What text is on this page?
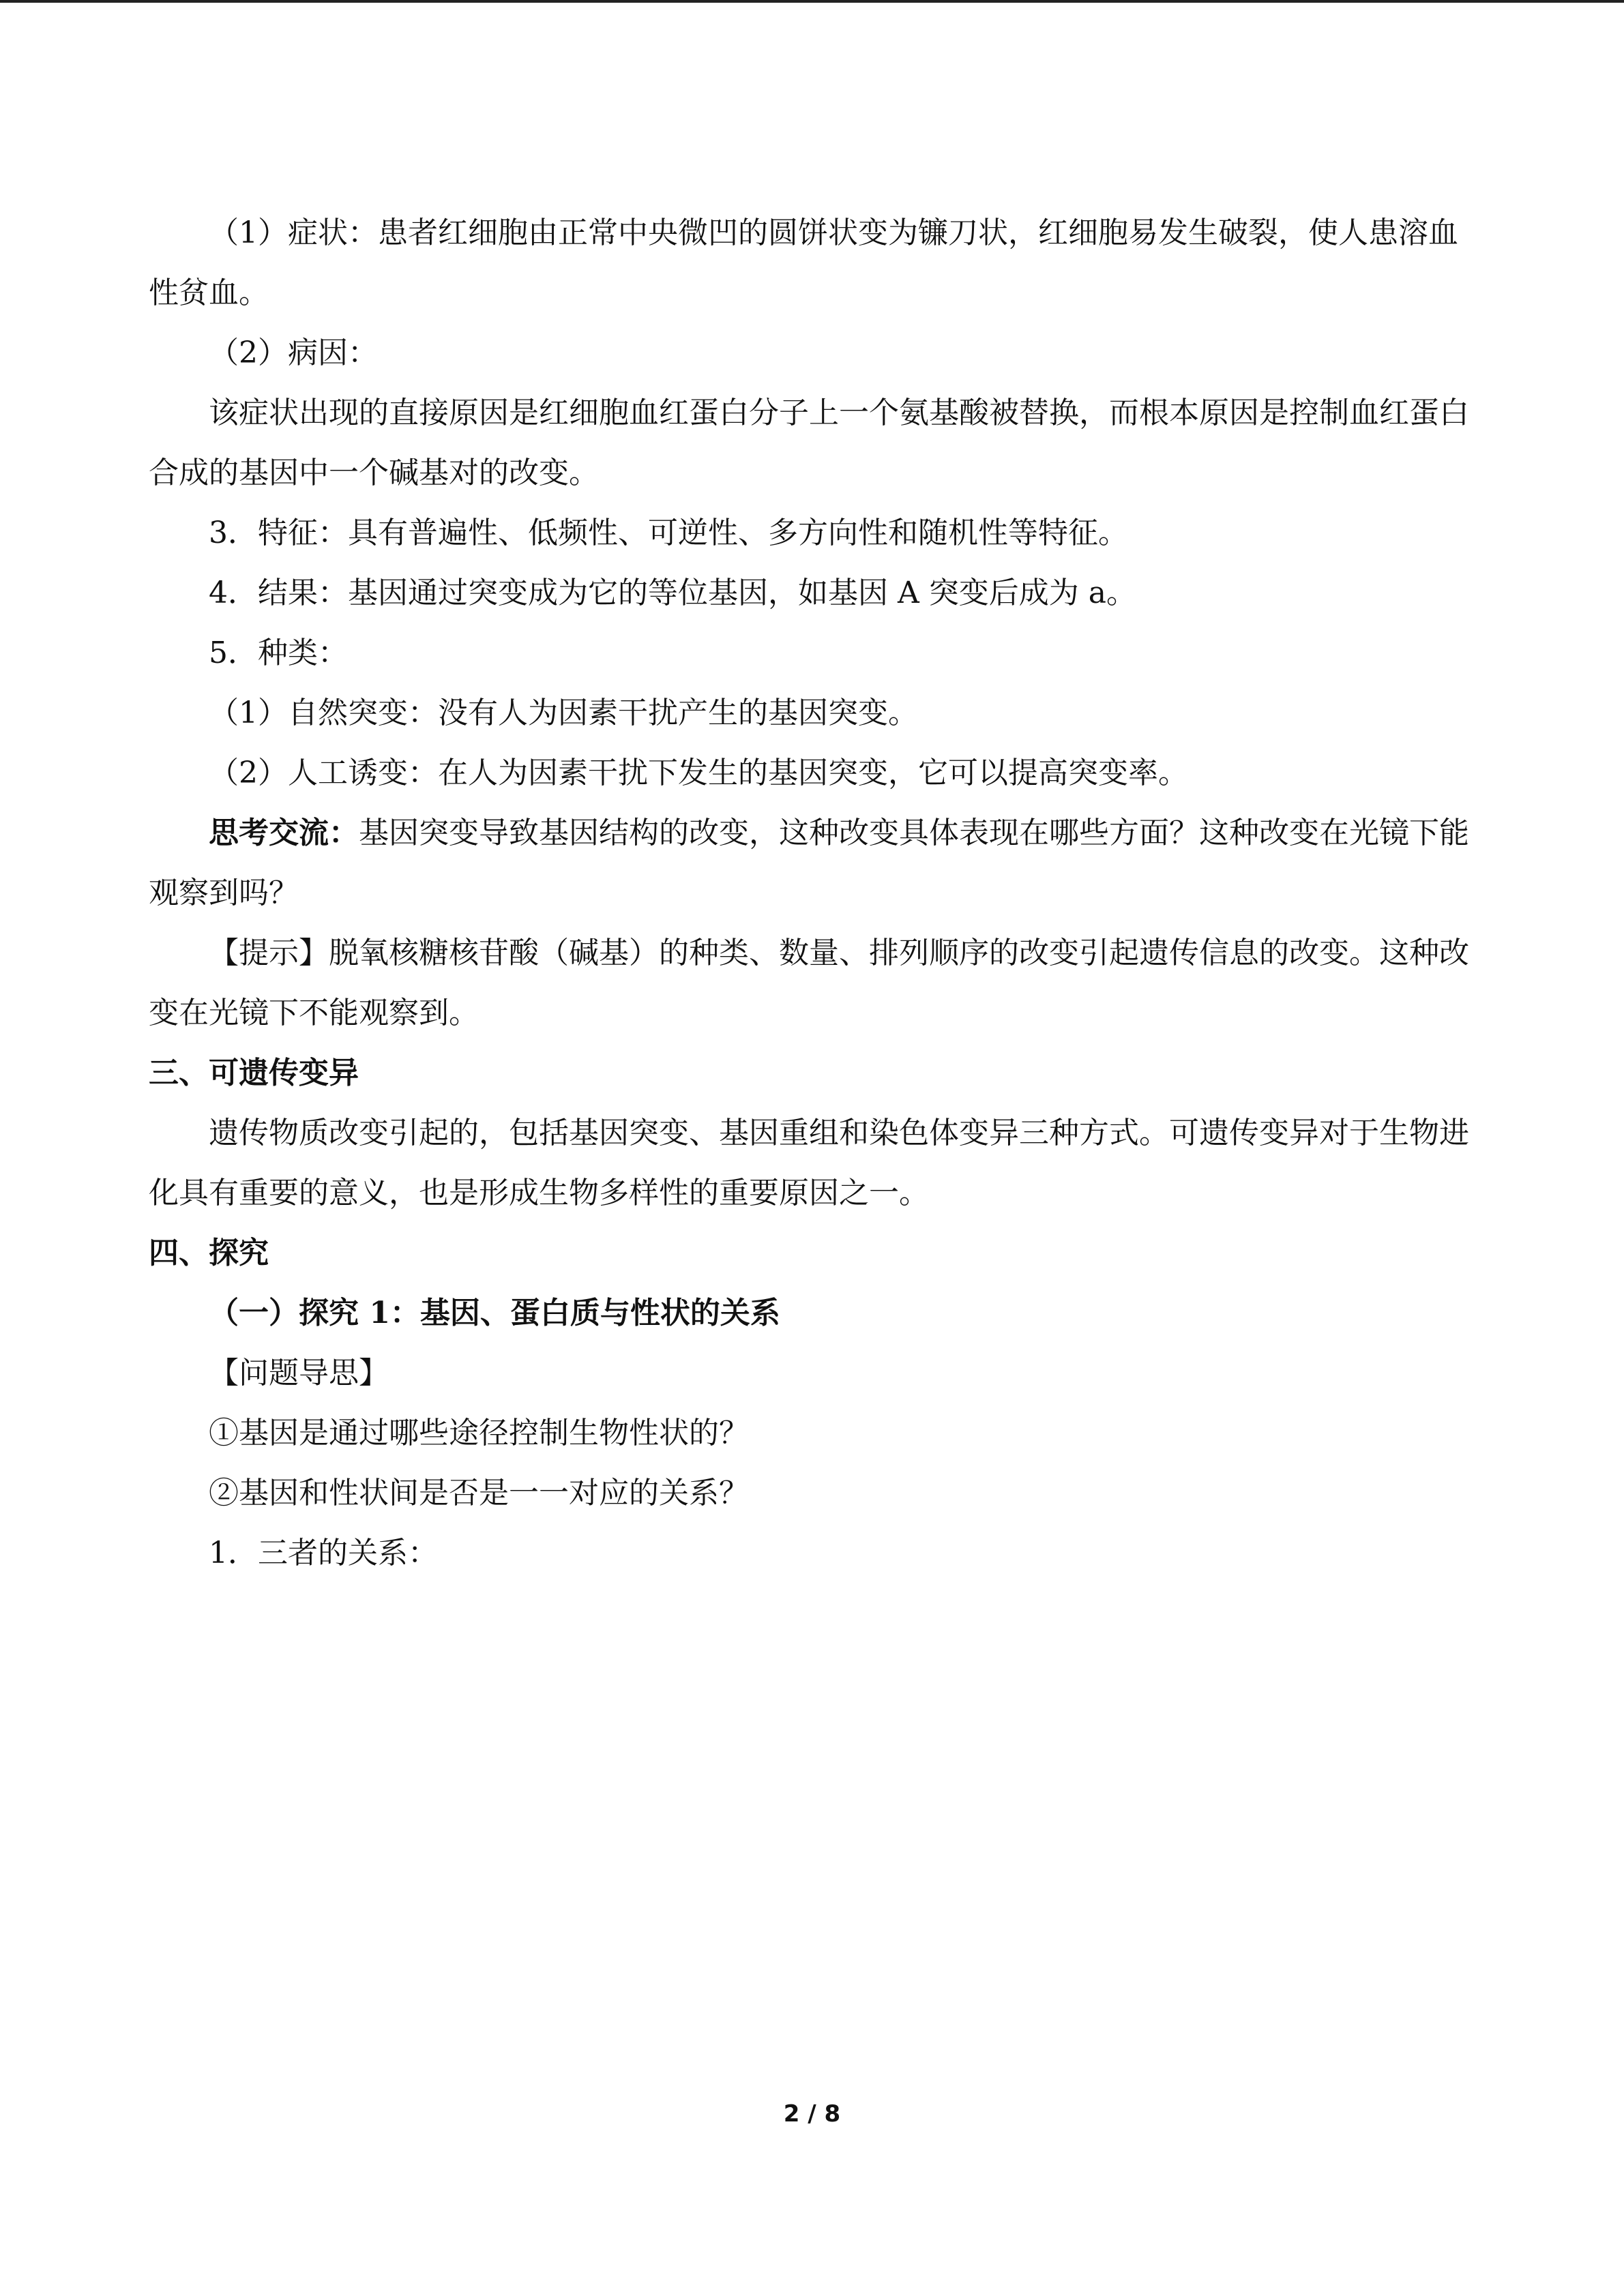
（1）症状：患者红细胞由正常中央微凹的圆饼状变为镰刀状，红细胞易发生破裂，使人患溶血性贫血。

（2）病因：

该症状出现的直接原因是红细胞血红蛋白分子上一个氨基酸被替换，而根本原因是控制血红蛋白合成的基因中一个碱基对的改变。

3．特征：具有普遍性、低频性、可逆性、多方向性和随机性等特征。

4．结果：基因通过突变成为它的等位基因，如基因 A 突变后成为 a。

5．种类：

（1）自然突变：没有人为因素干扰产生的基因突变。

（2）人工诱变：在人为因素干扰下发生的基因突变，它可以提高突变率。

思考交流：基因突变导致基因结构的改变，这种改变具体表现在哪些方面？这种改变在光镜下能观察到吗？

【提示】脱氧核糖核苷酸（碱基）的种类、数量、排列顺序的改变引起遗传信息的改变。这种改变在光镜下不能观察到。

三、可遗传变异

遗传物质改变引起的，包括基因突变、基因重组和染色体变异三种方式。可遗传变异对于生物进化具有重要的意义，也是形成生物多样性的重要原因之一。

四、探究

（一）探究 1：基因、蛋白质与性状的关系

【问题导思】

①基因是通过哪些途径控制生物性状的？

②基因和性状间是否是一一对应的关系？

1．三者的关系：

2 / 8
